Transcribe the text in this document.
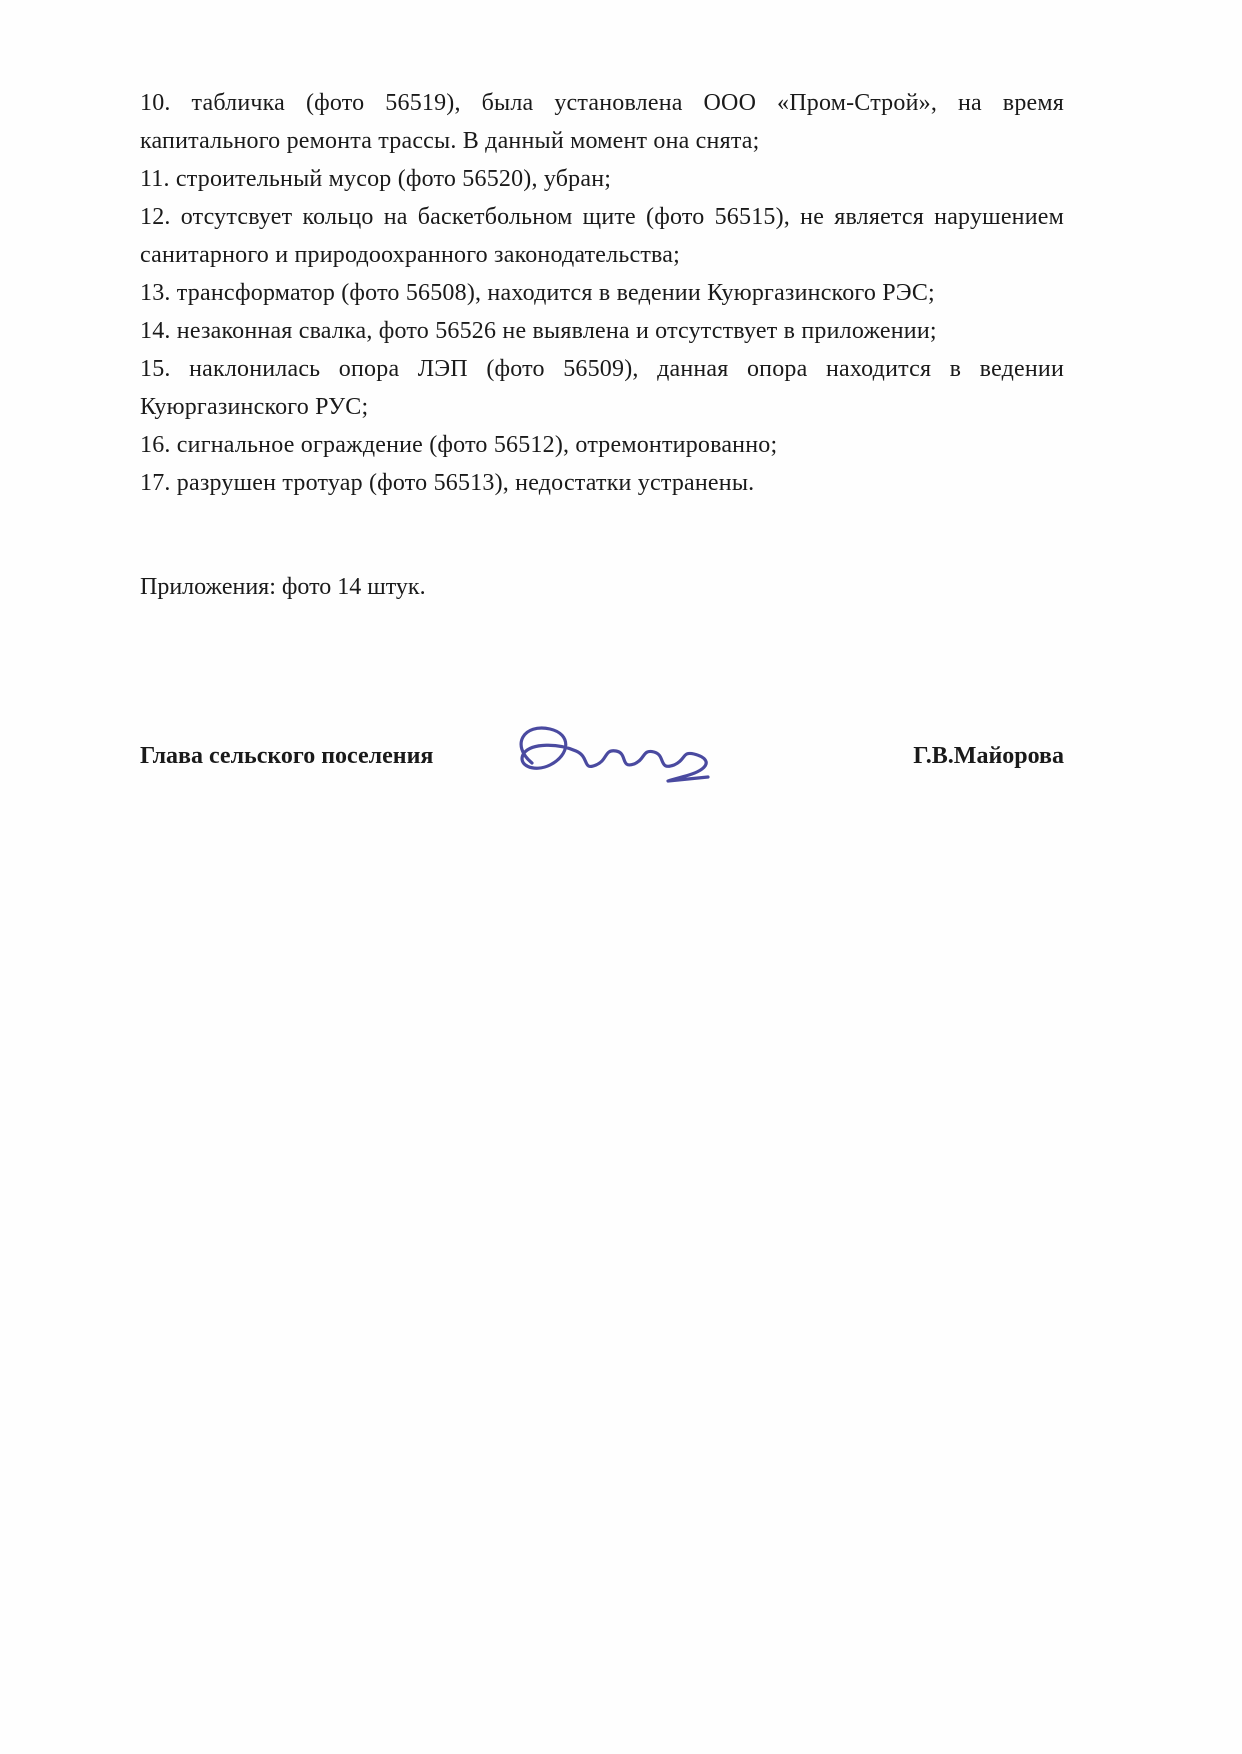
10. табличка (фото 56519), была установлена ООО «Пром-Строй», на время капитального ремонта трассы. В данный момент она снята;

11. строительный мусор (фото 56520), убран;

12. отсутсвует кольцо на баскетбольном щите (фото 56515), не является нарушением санитарного и природоохранного законодательства;

13. трансформатор (фото 56508), находится в ведении Куюргазинского РЭС;

14. незаконная свалка, фото 56526 не выявлена и отсутствует в приложении;

15. наклонилась опора ЛЭП (фото 56509), данная опора находится в ведении Куюргазинского РУС;

16. сигнальное ограждение (фото 56512), отремонтированно;

17. разрушен тротуар (фото 56513), недостатки устранены.

Приложения: фото 14 штук.
Глава сельского поселения	Г.В.Майорова
